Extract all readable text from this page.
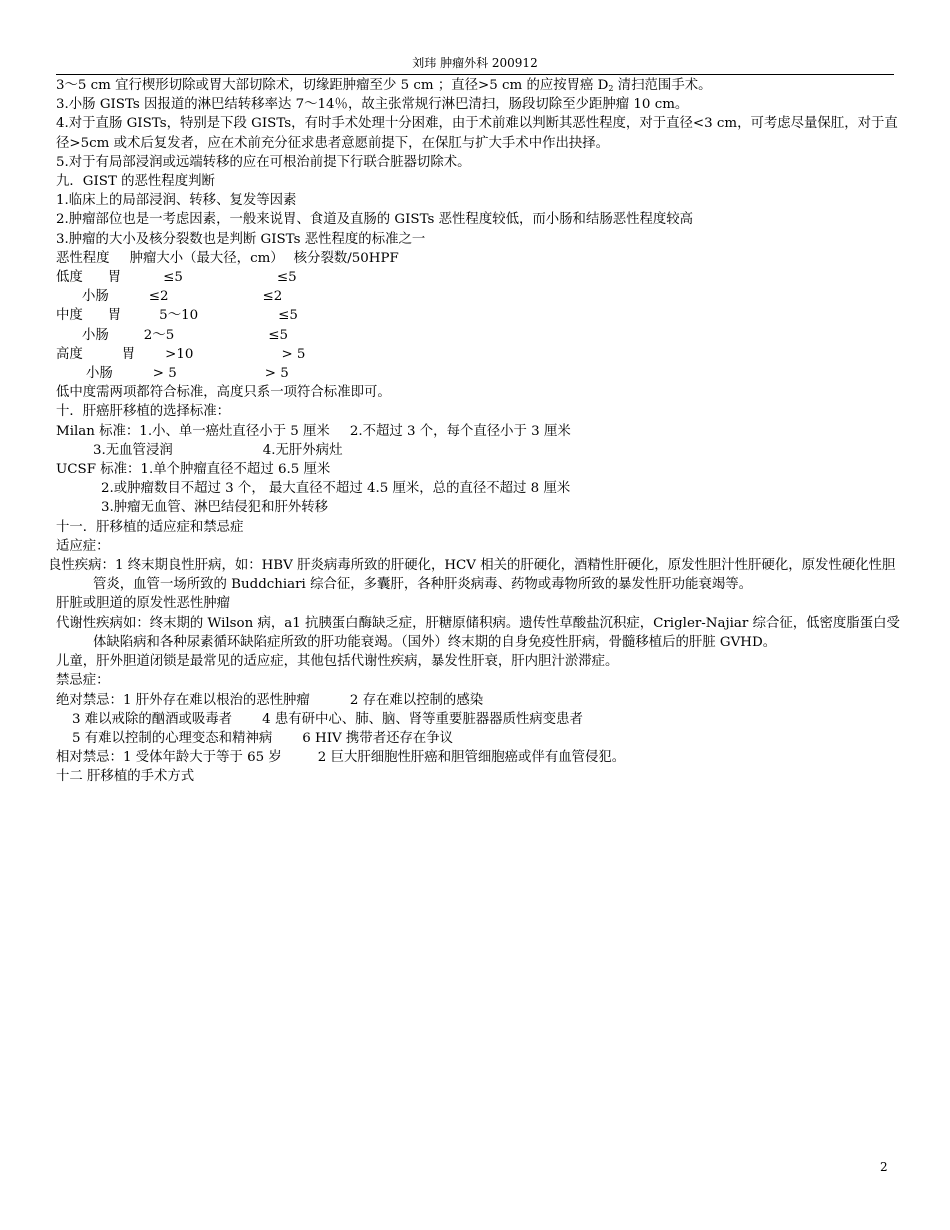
刘玮 肿瘤外科 200912
3～5 cm 宜行楔形切除或胃大部切除术，切缘距肿瘤至少 5 cm ；直径>5 cm 的应按胃癌 $D_2$ 清扫范围手术。
3.小肠 GISTs 因报道的淋巴结转移率达 7～14％，故主张常规行淋巴清扫，肠段切除至少距肿瘤 10 cm。
4.对于直肠 GISTs，特别是下段 GISTs，有时手术处理十分困难，由于术前难以判断其恶性程度，对于直径<3 cm，可考虑尽量保肛，对于直径>5cm 或术后复发者，应在术前充分征求患者意愿前提下，在保肛与扩大手术中作出抉择。
5.对于有局部浸润或远端转移的应在可根治前提下行联合脏器切除术。
九．GIST 的恶性程度判断
1.临床上的局部浸润、转移、复发等因素
2.肿瘤部位也是一考虑因素，一般来说胃、食道及直肠的 GISTs 恶性程度较低，而小肠和结肠恶性程度较高
3.肿瘤的大小及核分裂数也是判断 GISTs 恶性程度的标准之一
恶性程度 肿瘤大小（最大径，cm） 核分裂数/50HPF
低度 胃	≤5	≤5
小肠	≤2	≤2
中度 胃	5～10	≤5
小肠	2～5	≤5
高度	胃 >10	> 5
小肠	> 5	> 5
低中度需两项都符合标准，高度只系一项符合标准即可。
十．肝癌肝移植的选择标准：
Milan 标准：1.小、单一癌灶直径小于 5 厘米 2.不超过 3 个，每个直径小于 3 厘米
3.无血管浸润	4.无肝外病灶
UCSF 标准：1.单个肿瘤直径不超过 6.5 厘米
2.或肿瘤数目不超过 3 个， 最大直径不超过 4.5 厘米，总的直径不超过 8 厘米
3.肿瘤无血管、淋巴结侵犯和肝外转移
十一．肝移植的适应症和禁忌症
适应症：
良性疾病：1 终末期良性肝病，如：HBV 肝炎病毒所致的肝硬化，HCV 相关的肝硬化，酒精性肝硬化，原发性胆汁性肝硬化，原发性硬化性胆管炎，血管一场所致的 Buddchiari 综合征，多囊肝，各种肝炎病毒、药物或毒物所致的暴发性肝功能衰竭等。
肝脏或胆道的原发性恶性肿瘤
代谢性疾病如：终末期的 Wilson 病，a1 抗胰蛋白酶缺乏症，肝糖原储积病。遗传性草酸盐沉积症，Crigler-Najiar 综合征，低密度脂蛋白受体缺陷病和各种尿素循环缺陷症所致的肝功能衰竭。（国外）终末期的自身免疫性肝病，骨髓移植后的肝脏 GVHD。
儿童，肝外胆道闭锁是最常见的适应症，其他包括代谢性疾病，暴发性肝衰，肝内胆汁淤滞症。
禁忌症：
绝对禁忌：1 肝外存在难以根治的恶性肿瘤	2 存在难以控制的感染
3 难以戒除的酗酒或吸毒者 4 患有研中心、肺、脑、肾等重要脏器器质性病变患者
5 有难以控制的心理变态和精神病 6 HIV 携带者还存在争议
相对禁忌：1 受体年龄大于等于 65 岁	2 巨大肝细胞性肝癌和胆管细胞癌或伴有血管侵犯。
十二 肝移植的手术方式
2
